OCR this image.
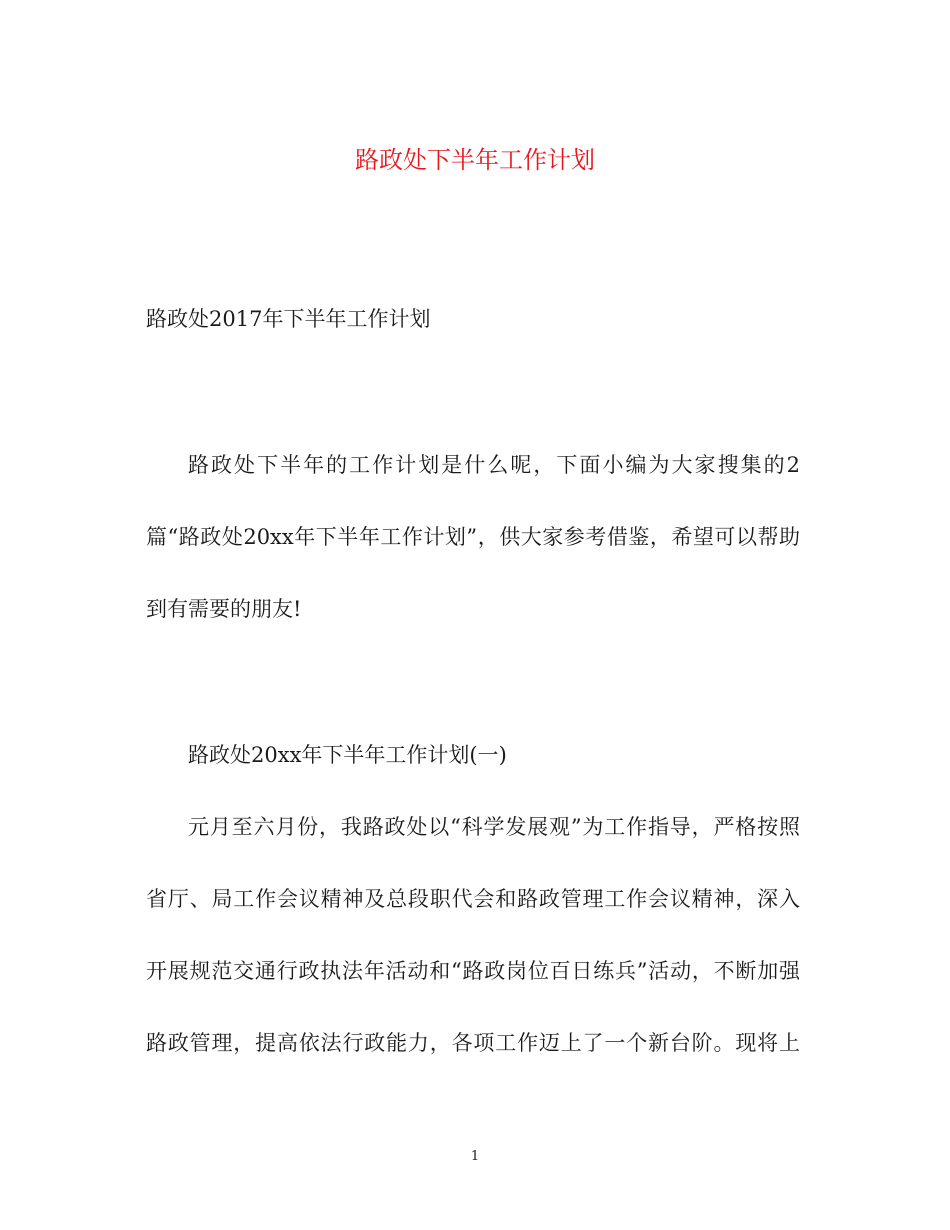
路政处下半年工作计划
路政处2017年下半年工作计划
路政处下半年的工作计划是什么呢，下面小编为大家搜集的2
篇“路政处20xx年下半年工作计划”，供大家参考借鉴，希望可以帮助
到有需要的朋友!
路政处20xx年下半年工作计划(一)
元月至六月份，我路政处以“科学发展观”为工作指导，严格按照
省厅、局工作会议精神及总段职代会和路政管理工作会议精神，深入
开展规范交通行政执法年活动和“路政岗位百日练兵”活动，不断加强
路政管理，提高依法行政能力，各项工作迈上了一个新台阶。现将上
1
